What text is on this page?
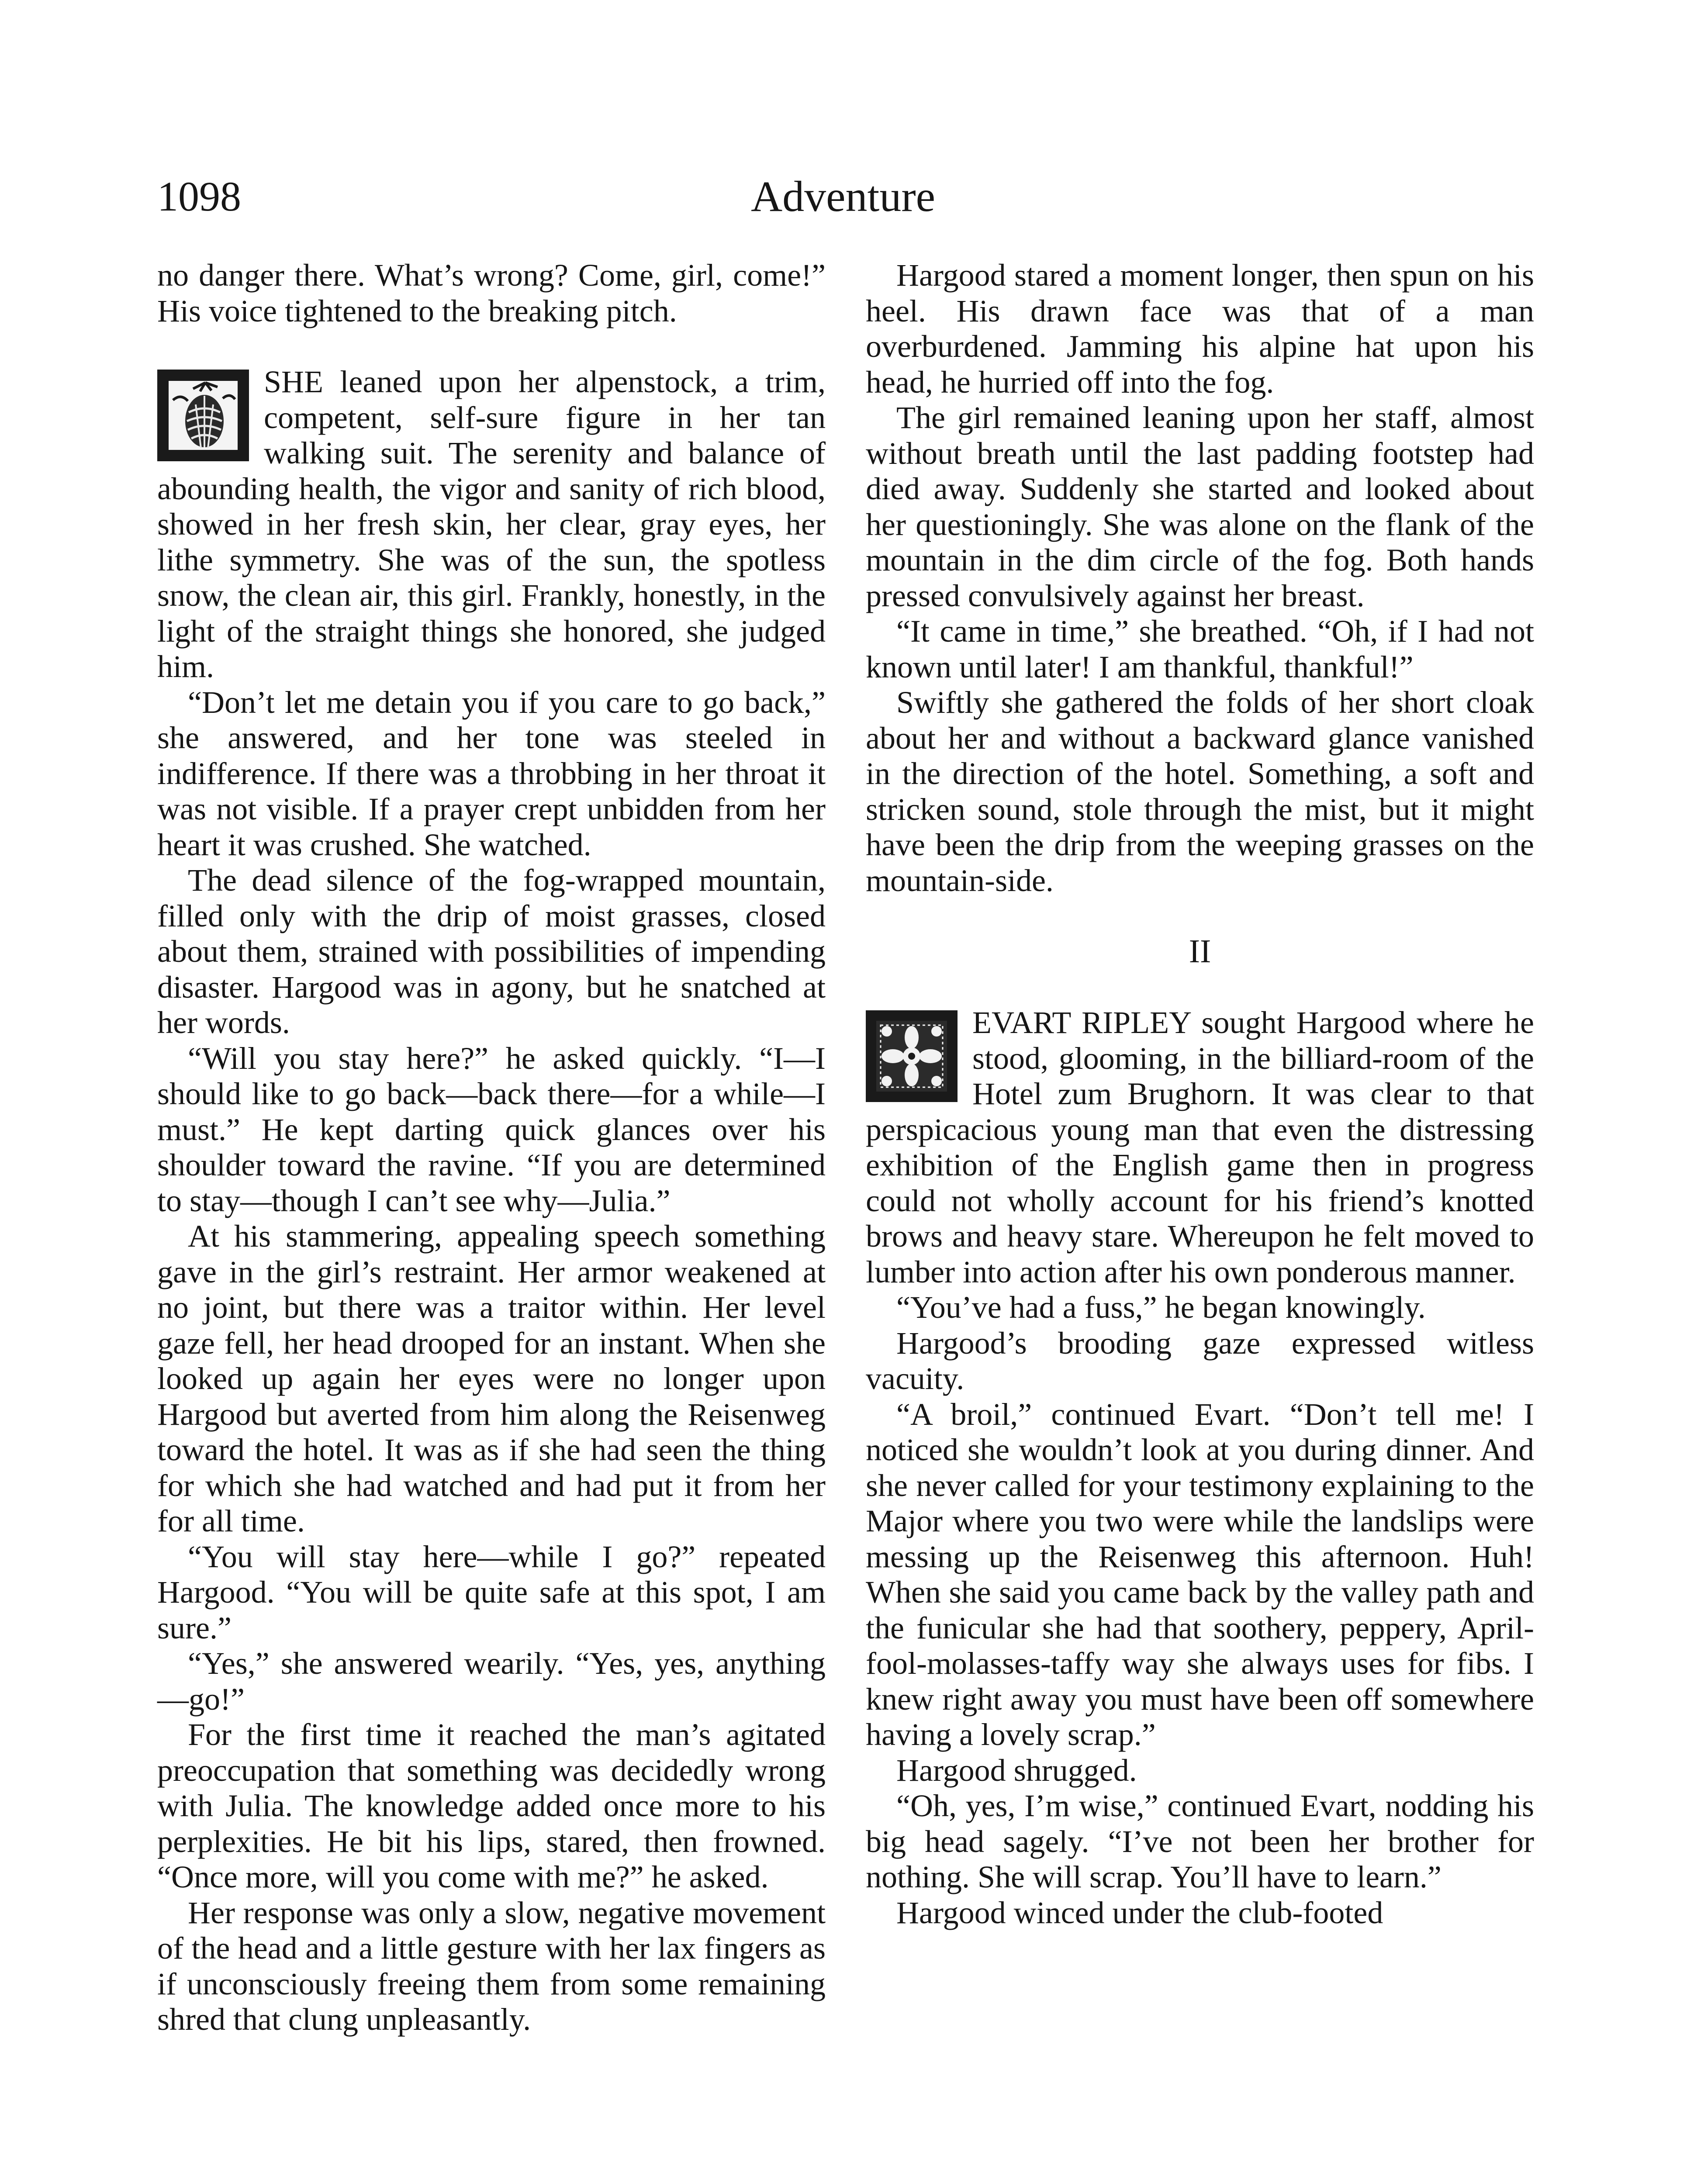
1098	Adventure

no danger there. What’s wrong? Come, girl, come!” His voice tightened to the breaking pitch.

SHE leaned upon her alpenstock, a trim, competent, self-sure figure in her tan walking suit. The serenity and balance of abounding health, the vigor and sanity of rich blood, showed in her fresh skin, her clear, gray eyes, her lithe symmetry. She was of the sun, the spotless snow, the clean air, this girl. Frankly, honestly, in the light of the straight things she honored, she judged him.

“Don’t let me detain you if you care to go back,” she answered, and her tone was steeled in indifference. If there was a throbbing in her throat it was not visible. If a prayer crept unbidden from her heart it was crushed. She watched.

The dead silence of the fog-wrapped mountain, filled only with the drip of moist grasses, closed about them, strained with possibilities of impending disaster. Hargood was in agony, but he snatched at her words.

“Will you stay here?” he asked quickly. “I—I should like to go back—back there—for a while—I must.” He kept darting quick glances over his shoulder toward the ravine. “If you are determined to stay—though I can’t see why—Julia.”

At his stammering, appealing speech something gave in the girl’s restraint. Her armor weakened at no joint, but there was a traitor within. Her level gaze fell, her head drooped for an instant. When she looked up again her eyes were no longer upon Hargood but averted from him along the Reisenweg toward the hotel. It was as if she had seen the thing for which she had watched and had put it from her for all time.

“You will stay here—while I go?” repeated Hargood. “You will be quite safe at this spot, I am sure.”

“Yes,” she answered wearily. “Yes, yes, anything—go!”

For the first time it reached the man’s agitated preoccupation that something was decidedly wrong with Julia. The knowledge added once more to his perplexities. He bit his lips, stared, then frowned. “Once more, will you come with me?” he asked.

Her response was only a slow, negative movement of the head and a little gesture with her lax fingers as if unconsciously freeing them from some remaining shred that clung unpleasantly.

Hargood stared a moment longer, then spun on his heel. His drawn face was that of a man overburdened. Jamming his alpine hat upon his head, he hurried off into the fog.

The girl remained leaning upon her staff, almost without breath until the last padding footstep had died away. Suddenly she started and looked about her questioningly. She was alone on the flank of the mountain in the dim circle of the fog. Both hands pressed convulsively against her breast.

“It came in time,” she breathed. “Oh, if I had not known until later! I am thankful, thankful!”

Swiftly she gathered the folds of her short cloak about her and without a backward glance vanished in the direction of the hotel. Something, a soft and stricken sound, stole through the mist, but it might have been the drip from the weeping grasses on the mountain-side.

II

EVART RIPLEY sought Hargood where he stood, glooming, in the billiard-room of the Hotel zum Brughorn. It was clear to that perspicacious young man that even the distressing exhibition of the English game then in progress could not wholly account for his friend’s knotted brows and heavy stare. Whereupon he felt moved to lumber into action after his own ponderous manner.

“You’ve had a fuss,” he began knowingly.

Hargood’s brooding gaze expressed witless vacuity.

“A broil,” continued Evart. “Don’t tell me! I noticed she wouldn’t look at you during dinner. And she never called for your testimony explaining to the Major where you two were while the landslips were messing up the Reisenweg this afternoon. Huh! When she said you came back by the valley path and the funicular she had that soothery, peppery, April-fool-molasses-taffy way she always uses for fibs. I knew right away you must have been off somewhere having a lovely scrap.”

Hargood shrugged.

“Oh, yes, I’m wise,” continued Evart, nodding his big head sagely. “I’ve not been her brother for nothing. She will scrap. You’ll have to learn.”

Hargood winced under the club-footed
